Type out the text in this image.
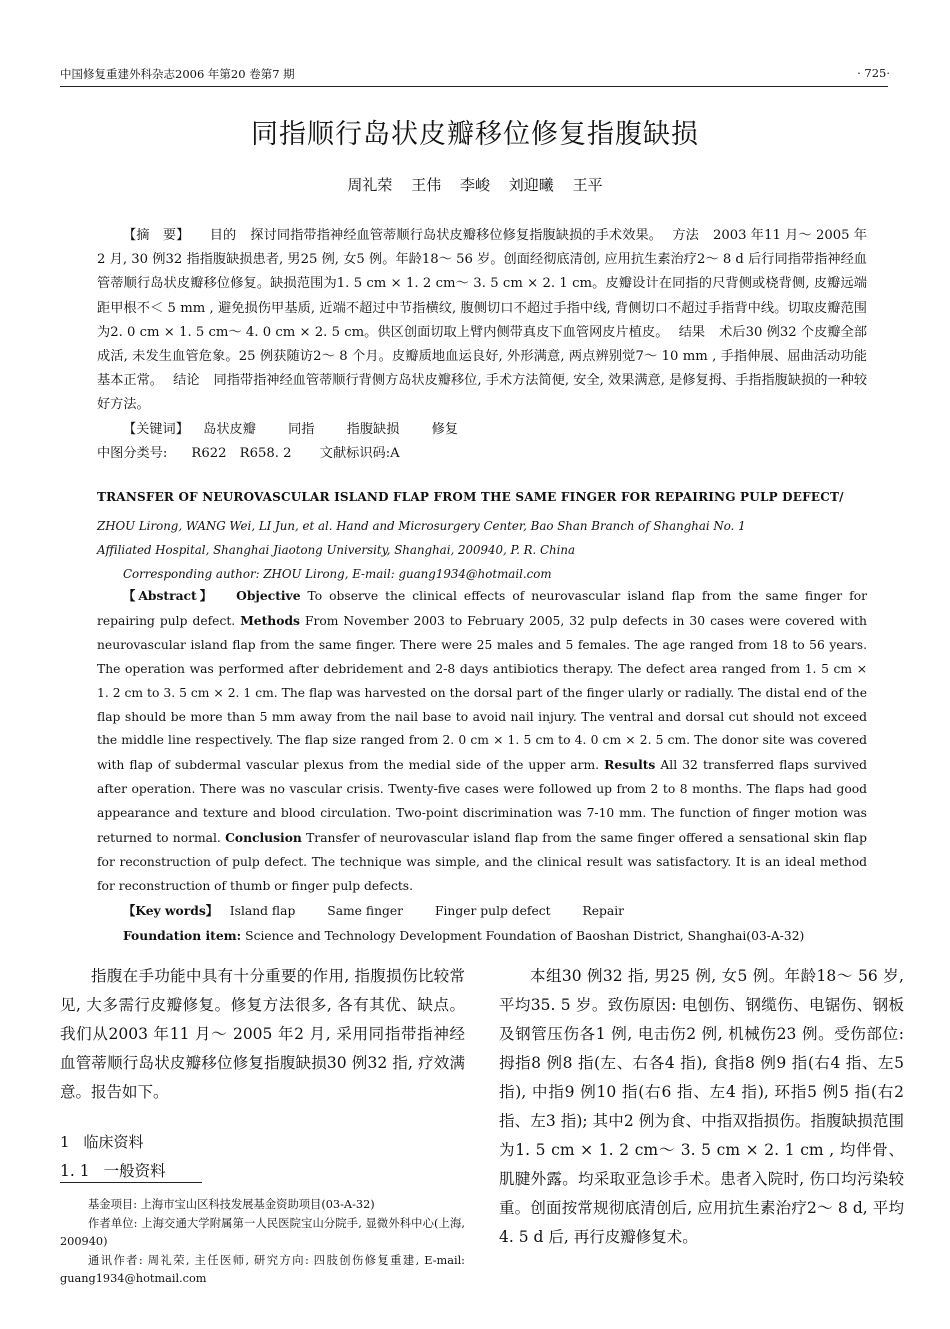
中国修复重建外科杂志2006 年第20 卷第7 期	· 725·
同指顺行岛状皮瓣移位修复指腹缺损
周礼荣 王伟 李峻 刘迎曦 王平

【摘　要】 目的 探讨同指带指神经血管蒂顺行岛状皮瓣移位修复指腹缺损的手术效果。 方法 2003 年11 月～ 2005 年2 月, 30 例32 指指腹缺损患者, 男25 例, 女5 例。年龄18～ 56 岁。创面经彻底清创, 应用抗生素治疗2～ 8 d 后行同指带指神经血管蒂顺行岛状皮瓣移位修复。缺损范围为1. 5 cm × 1. 2 cm～ 3. 5 cm × 2. 1 cm。皮瓣设计在同指的尺背侧或桡背侧, 皮瓣远端距甲根不＜ 5 mm , 避免损伤甲基质, 近端不超过中节指横纹, 腹侧切口不超过手指中线, 背侧切口不超过手指背中线。切取皮瓣范围为2. 0 cm × 1. 5 cm～ 4. 0 cm × 2. 5 cm。供区创面切取上臂内侧带真皮下血管网皮片植皮。 结果 术后30 例32 个皮瓣全部成活, 未发生血管危象。25 例获随访2～ 8 个月。皮瓣质地血运良好, 外形满意, 两点辨别觉7～ 10 mm , 手指伸展、屈曲活动功能基本正常。 结论 同指带指神经血管蒂顺行背侧方岛状皮瓣移位, 手术方法简便, 安全, 效果满意, 是修复拇、手指指腹缺损的一种较好方法。

【关键词】 岛状皮瓣 同指 指腹缺损 修复

中图分类号: R622　R658. 2 文献标识码:A

TRANSFER OF NEUROVASCULAR ISLAND FLAP FROM THE SAME FINGER FOR REPAIRING PULP DEFECT/

ZHOU Lirong, WANG Wei, LI Jun, et al. Hand and Microsurgery Center, Bao Shan Branch of Shanghai No. 1

Affiliated Hospital, Shanghai Jiaotong University, Shanghai, 200940, P. R. China

Corresponding author: ZHOU Lirong, E-mail: guang1934@hotmail.com

【Abstract】 Objective To observe the clinical effects of neurovascular island flap from the same finger for repairing pulp defect. Methods From November 2003 to February 2005, 32 pulp defects in 30 cases were covered with neurovascular island flap from the same finger. There were 25 males and 5 females. The age ranged from 18 to 56 years. The operation was performed after debridement and 2-8 days antibiotics therapy. The defect area ranged from 1. 5 cm × 1. 2 cm to 3. 5 cm × 2. 1 cm. The flap was harvested on the dorsal part of the finger ularly or radially. The distal end of the flap should be more than 5 mm away from the nail base to avoid nail injury. The ventral and dorsal cut should not exceed the middle line respectively. The flap size ranged from 2. 0 cm × 1. 5 cm to 4. 0 cm × 2. 5 cm. The donor site was covered with flap of subdermal vascular plexus from the medial side of the upper arm. Results All 32 transferred flaps survived after operation. There was no vascular crisis. Twenty-five cases were followed up from 2 to 8 months. The flaps had good appearance and texture and blood circulation. Two-point discrimination was 7-10 mm. The function of finger motion was returned to normal. Conclusion Transfer of neurovascular island flap from the same finger offered a sensational skin flap for reconstruction of pulp defect. The technique was simple, and the clinical result was satisfactory. It is an ideal method for reconstruction of thumb or finger pulp defects.

【Key words】 Island flap	Same finger	Finger pulp defect	Repair

Foundation item: Science and Technology Development Foundation of Baoshan District, Shanghai(03-A-32)

指腹在手功能中具有十分重要的作用, 指腹损伤比较常见, 大多需行皮瓣修复。修复方法很多, 各有其优、缺点。我们从2003 年11 月～ 2005 年2 月, 采用同指带指神经血管蒂顺行岛状皮瓣移位修复指腹缺损30 例32 指, 疗效满意。报告如下。

1 临床资料

1. 1 一般资料

本组30 例32 指, 男25 例, 女5 例。年龄18～ 56 岁, 平均35. 5 岁。致伤原因: 电刨伤、钢缆伤、电锯伤、钢板及钢管压伤各1 例, 电击伤2 例, 机械伤23 例。受伤部位: 拇指8 例8 指(左、右各4 指), 食指8 例9 指(右4 指、左5 指), 中指9 例10 指(右6 指、左4 指), 环指5 例5 指(右2 指、左3 指); 其中2 例为食、中指双指损伤。指腹缺损范围为1. 5 cm × 1. 2 cm～ 3. 5 cm × 2. 1 cm , 均伴骨、肌腱外露。均采取亚急诊手术。患者入院时, 伤口均污染较重。创面按常规彻底清创后, 应用抗生素治疗2～ 8 d, 平均4. 5 d 后, 再行皮瓣修复术。

基金项目: 上海市宝山区科技发展基金资助项目(03-A-32)

作者单位: 上海交通大学附属第一人民医院宝山分院手, 显微外科中心(上海, 200940)

通讯作者: 周礼荣, 主任医师, 研究方向: 四肢创伤修复重建, E-mail: guang1934@hotmail.com
